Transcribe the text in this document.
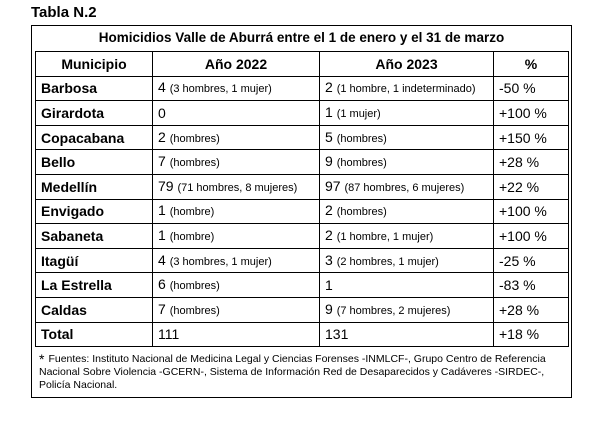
Tabla N.2
Homicidios Valle de Aburrá entre el 1 de enero y el 31 de marzo
Municipio	Año 2022	Año 2023	%
Barbosa	4 (3 hombres, 1 mujer)	2 (1 hombre, 1 indeterminado)	-50 %
Girardota	0	1 (1 mujer)	+100 %
Copacabana	2 (hombres)	5 (hombres)	+150 %
Bello	7 (hombres)	9 (hombres)	+28 %
Medellín	79 (71 hombres, 8 mujeres)	97 (87 hombres, 6 mujeres)	+22 %
Envigado	1 (hombre)	2 (hombres)	+100 %
Sabaneta	1 (hombre)	2 (1 hombre, 1 mujer)	+100 %
Itagüí	4 (3 hombres, 1 mujer)	3 (2 hombres, 1 mujer)	-25 %
La Estrella	6 (hombres)	1	-83 %
Caldas	7 (hombres)	9 (7 hombres, 2 mujeres)	+28 %
Total	111	131	+18 %
* Fuentes: Instituto Nacional de Medicina Legal y Ciencias Forenses -INMLCF-, Grupo Centro de Referencia Nacional Sobre Violencia -GCERN-, Sistema de Información Red de Desaparecidos y Cadáveres -SIRDEC-, Policía Nacional.
